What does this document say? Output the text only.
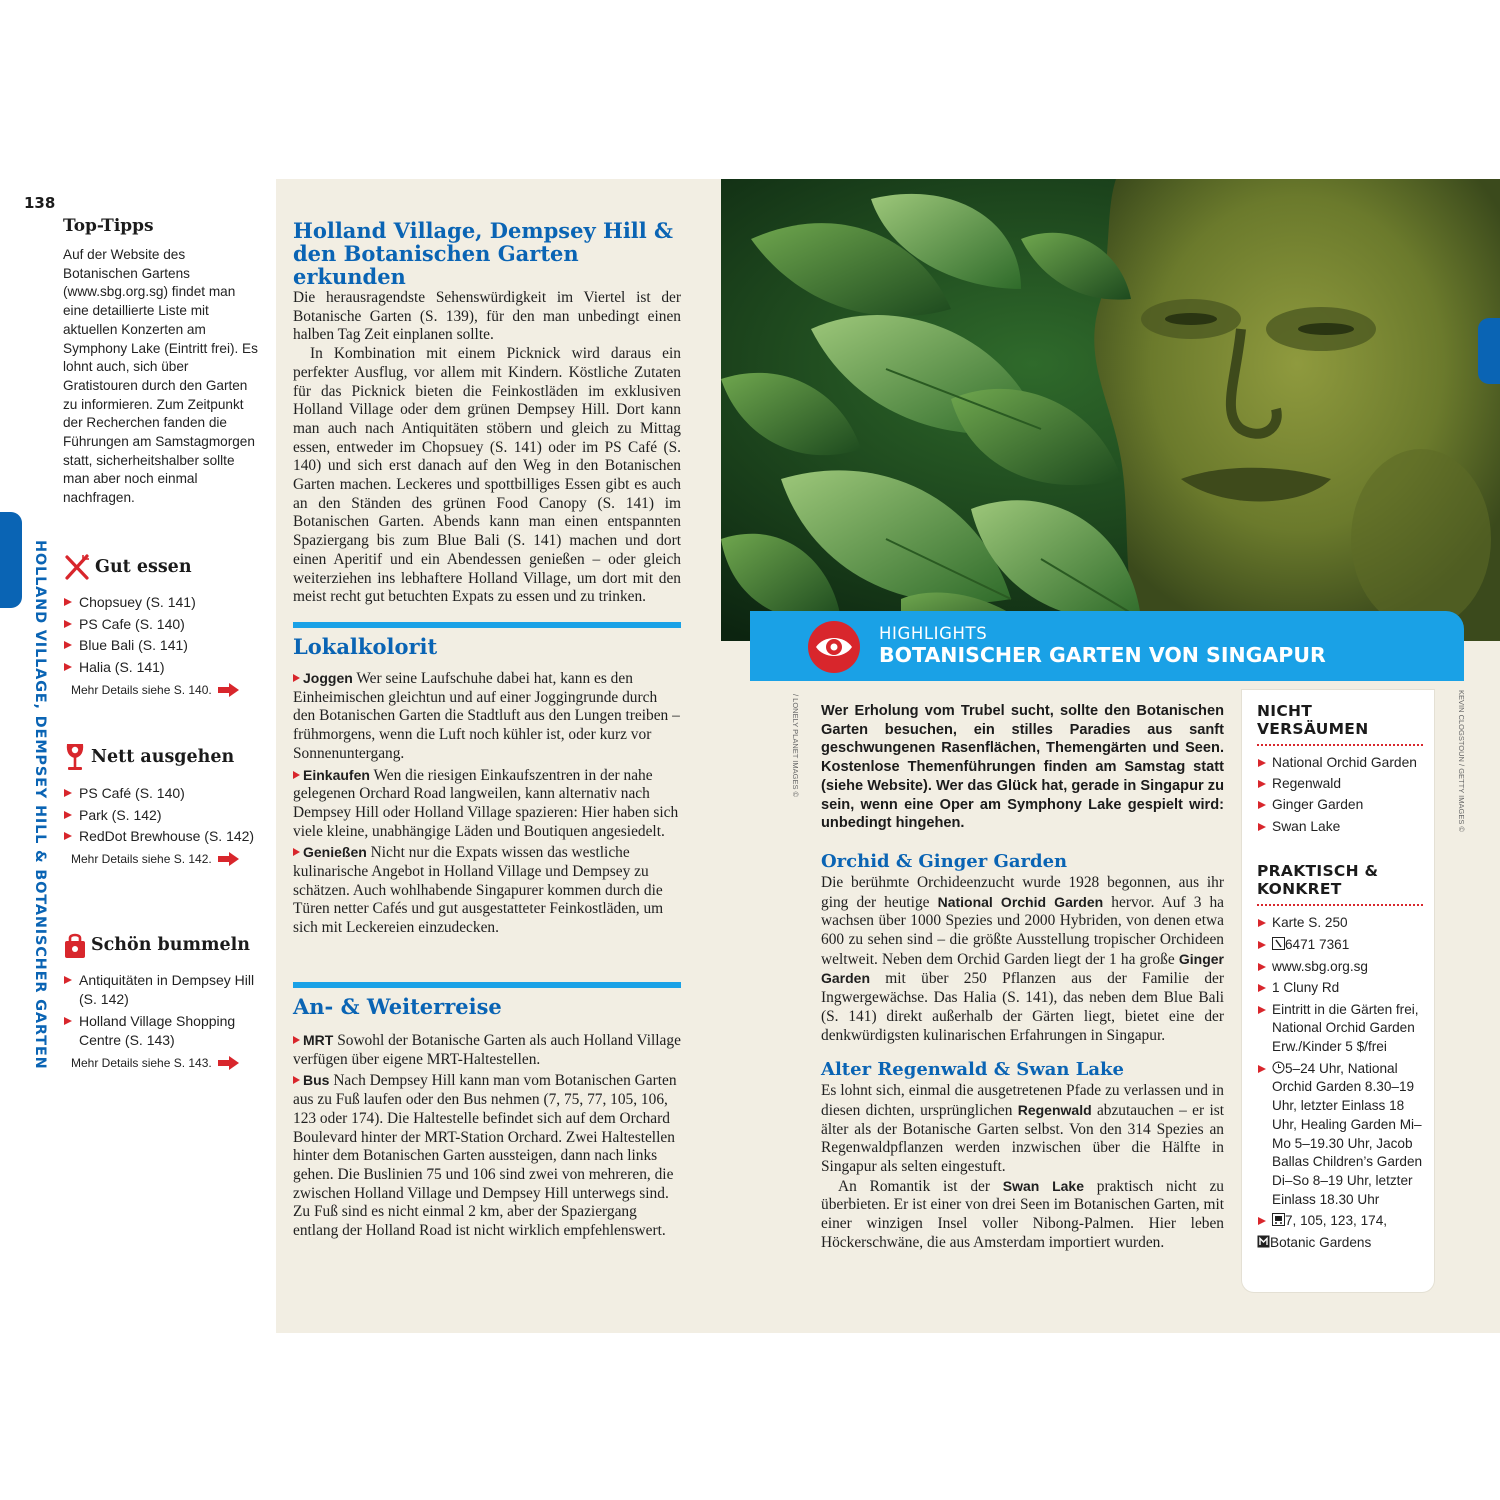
138
HOLLAND VILLAGE, DEMPSEY HILL & BOTANISCHER GARTEN
Top-Tipps
Auf der Website des Botanischen Gartens (www.sbg.org.sg) findet man eine detaillierte Liste mit aktuellen Konzerten am Symphony Lake (Eintritt frei). Es lohnt auch, sich über Gratistouren durch den Garten zu informieren. Zum Zeitpunkt der Recherchen fanden die Führungen am Samstagmorgen statt, sicherheitshalber sollte man aber noch einmal nachfragen.
Gut essen
Chopsuey (S. 141)
PS Cafe (S. 140)
Blue Bali (S. 141)
Halia (S. 141)
Mehr Details siehe S. 140.
Nett ausgehen
PS Café (S. 140)
Park (S. 142)
RedDot Brewhouse (S. 142)
Mehr Details siehe S. 142.
Schön bummeln
Antiquitäten in Dempsey Hill (S. 142)
Holland Village Shopping Centre (S. 143)
Mehr Details siehe S. 143.
Holland Village, Dempsey Hill & den Botanischen Garten erkunden

Die herausragendste Sehenswürdigkeit im Viertel ist der Botanische Garten (S. 139), für den man unbedingt einen halben Tag Zeit einplanen sollte.

In Kombination mit einem Picknick wird daraus ein perfekter Ausflug, vor allem mit Kindern. Köstliche Zutaten für das Picknick bieten die Feinkostläden im exklusiven Holland Village oder dem grünen Dempsey Hill. Dort kann man auch nach Antiquitäten stöbern und gleich zu Mittag essen, entweder im Chopsuey (S. 141) oder im PS Café (S. 140) und sich erst danach auf den Weg in den Botanischen Garten machen. Leckeres und spottbilliges Essen gibt es auch an den Ständen des grünen Food Canopy (S. 141) im Botanischen Garten. Abends kann man einen entspannten Spaziergang bis zum Blue Bali (S. 141) machen und dort einen Aperitif und ein Abendessen genießen – oder gleich weiterziehen ins lebhaftere Holland Village, um dort mit den meist recht gut betuchten Expats zu essen und zu trinken.

Lokalkolorit
Joggen Wer seine Laufschuhe dabei hat, kann es den Einheimischen gleichtun und auf einer Joggingrunde durch den Botanischen Garten die Stadtluft aus den Lungen treiben – frühmorgens, wenn die Luft noch kühler ist, oder kurz vor Sonnenuntergang.
Einkaufen Wen die riesigen Einkaufszentren in der nahe gelegenen Orchard Road langweilen, kann alternativ nach Dempsey Hill oder Holland Village spazieren: Hier haben sich viele kleine, unabhängige Läden und Boutiquen angesiedelt.
Genießen Nicht nur die Expats wissen das westliche kulinarische Angebot in Holland Village und Dempsey zu schätzen. Auch wohlhabende Singapurer kommen durch die Türen netter Cafés und gut ausgestatteter Feinkostläden, um sich mit Leckereien einzudecken.
An- & Weiterreise
MRT Sowohl der Botanische Garten als auch Holland Village verfügen über eigene MRT-Haltestellen.
Bus Nach Dempsey Hill kann man vom Botanischen Garten aus zu Fuß laufen oder den Bus nehmen (7, 75, 77, 105, 106, 123 oder 174). Die Haltestelle befindet sich auf dem Orchard Boulevard hinter der MRT-Station Orchard. Zwei Haltestellen hinter dem Botanischen Garten aussteigen, dann nach links gehen. Die Buslinien 75 und 106 sind zwei von mehreren, die zwischen Holland Village und Dempsey Hill unterwegs sind. Zu Fuß sind es nicht einmal 2 km, aber der Spaziergang entlang der Holland Road ist nicht wirklich empfehlenswert.
HIGHLIGHTS
BOTANISCHER GARTEN VON SINGAPUR
/ LONELY PLANET IMAGES ©	KEVIN CLOGSTOUN / GETTY IMAGES ©
Wer Erholung vom Trubel sucht, sollte den Botanischen Garten besuchen, ein stilles Paradies aus sanft geschwungenen Rasenflächen, Themengärten und Seen. Kostenlose Themenführungen finden am Samstag statt (siehe Website). Wer das Glück hat, gerade in Singapur zu sein, wenn eine Oper am Symphony Lake gespielt wird: unbedingt hingehen.
Orchid & Ginger Garden
Die berühmte Orchideenzucht wurde 1928 begonnen, aus ihr ging der heutige National Orchid Garden hervor. Auf 3 ha wachsen über 1000 Spezies und 2000 Hybriden, von denen etwa 600 zu sehen sind – die größte Ausstellung tropischer Orchideen weltweit. Neben dem Orchid Garden liegt der 1 ha große Ginger Garden mit über 250 Pflanzen aus der Familie der Ingwergewächse. Das Halia (S. 141), das neben dem Blue Bali (S. 141) direkt außerhalb der Gärten liegt, bietet eine der denkwürdigsten kulinarischen Erfahrungen in Singapur.
Alter Regenwald & Swan Lake

Es lohnt sich, einmal die ausgetretenen Pfade zu verlassen und in diesen dichten, ursprünglichen Regenwald abzutauchen – er ist älter als der Botanische Garten selbst. Von den 314 Spezies an Regenwaldpflanzen werden inzwischen über die Hälfte in Singapur als selten eingestuft.

An Romantik ist der Swan Lake praktisch nicht zu überbieten. Er ist einer von drei Seen im Botanischen Garten, mit einer winzigen Insel voller Nibong-Palmen. Hier leben Höckerschwäne, die aus Amsterdam importiert wurden.

NICHT VERSÄUMEN
National Orchid Garden
Regenwald
Ginger Garden
Swan Lake
PRAKTISCH & KONKRET
Karte S. 250
6471 7361
www.sbg.org.sg
1 Cluny Rd
Eintritt in die Gärten frei, National Orchid Garden Erw./Kinder 5 $/frei
5–24 Uhr, National Orchid Garden 8.30–19 Uhr, letzter Einlass 18 Uhr, Healing Garden Mi–Mo 5–19.30 Uhr, Jacob Ballas Children’s Garden Di–So 8–19 Uhr, letzter Einlass 18.30 Uhr
7, 105, 123, 174,
Botanic Gardens
